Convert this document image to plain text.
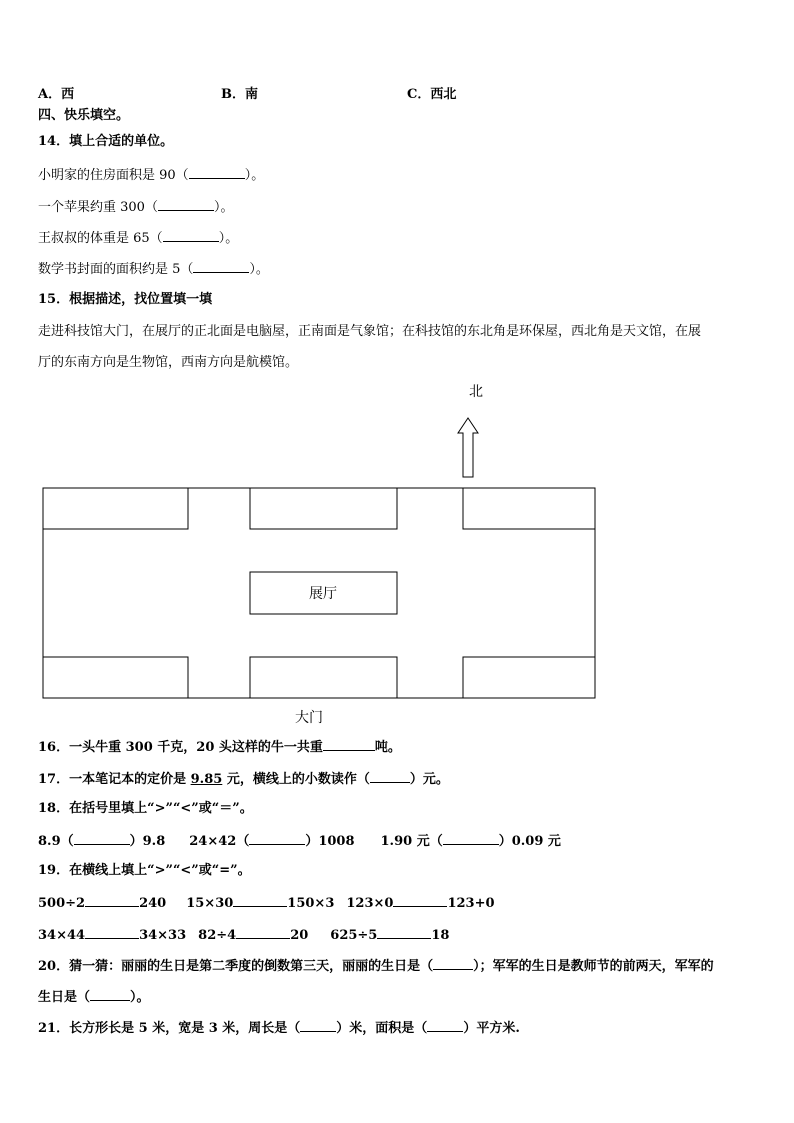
A．西	B．南	C．西北
四、快乐填空。
14．填上合适的单位。
小明家的住房面积是 90（	）。
一个苹果约重 300（	）。
王叔叔的体重是 65（	）。
数学书封面的面积约是 5（	）。
15．根据描述，找位置填一填
走进科技馆大门，在展厅的正北面是电脑屋，正南面是气象馆；在科技馆的东北角是环保屋，西北角是天文馆，在展
厅的东南方向是生物馆，西南方向是航模馆。
北
展厅
大门
16．一头牛重 300 千克，20 头这样的牛一共重	吨。
17．一本笔记本的定价是 9.85 元，横线上的小数读作（	）元。
18．在括号里填上“>”“<”或“＝”。
8.9（	）9.8 24×42（	）1008 1.90 元（	）0.09 元
19．在横线上填上“>”“<”或“=”。
500÷2	240 15×30	150×3 123×0	123+0
34×44	34×33 82÷4	20 625÷5	18
20．猜一猜：丽丽的生日是第二季度的倒数第三天，丽丽的生日是（	）；军军的生日是教师节的前两天，军军的
生日是（	）。
21．长方形长是 5 米，宽是 3 米，周长是（	）米，面积是（	）平方米.
